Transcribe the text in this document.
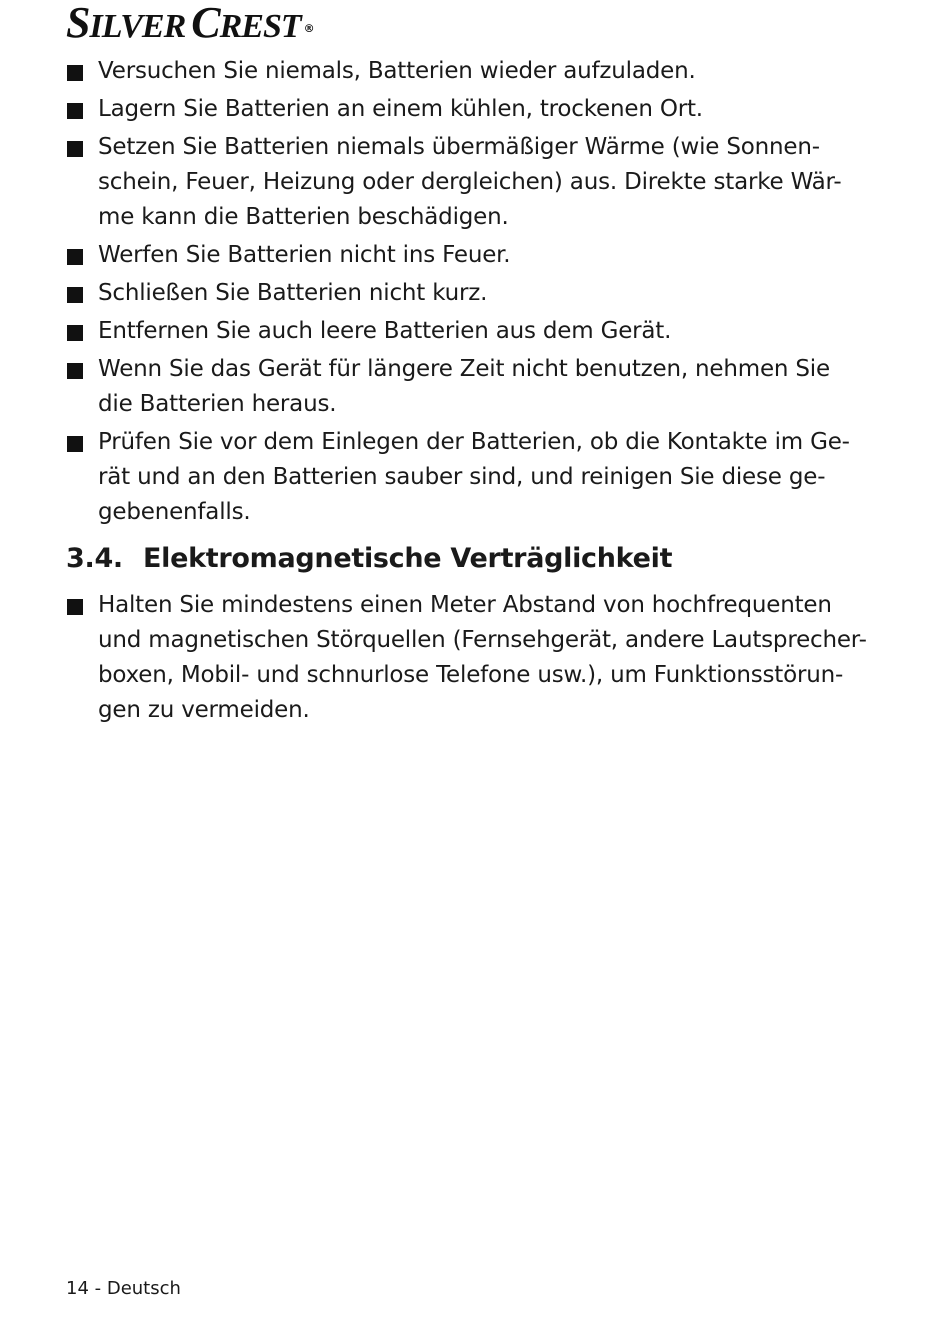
SILVER CREST ®
Versuchen Sie niemals, Batterien wieder aufzuladen.
Lagern Sie Batterien an einem kühlen, trockenen Ort.
Setzen Sie Batterien niemals übermäßiger Wärme (wie Sonnen-
schein, Feuer, Heizung oder dergleichen) aus. Direkte starke Wär-
me kann die Batterien beschädigen.
Werfen Sie Batterien nicht ins Feuer.
Schließen Sie Batterien nicht kurz.
Entfernen Sie auch leere Batterien aus dem Gerät.
Wenn Sie das Gerät für längere Zeit nicht benutzen, nehmen Sie
die Batterien heraus.
Prüfen Sie vor dem Einlegen der Batterien, ob die Kontakte im Ge-
rät und an den Batterien sauber sind, und reinigen Sie diese ge-
gebenenfalls.
3.4. Elektromagnetische Verträglichkeit
Halten Sie mindestens einen Meter Abstand von hochfrequenten
und magnetischen Störquellen (Fernsehgerät, andere Lautsprecher-
boxen, Mobil- und schnurlose Telefone usw.), um Funktionsstörun-
gen zu vermeiden.
14 - Deutsch
